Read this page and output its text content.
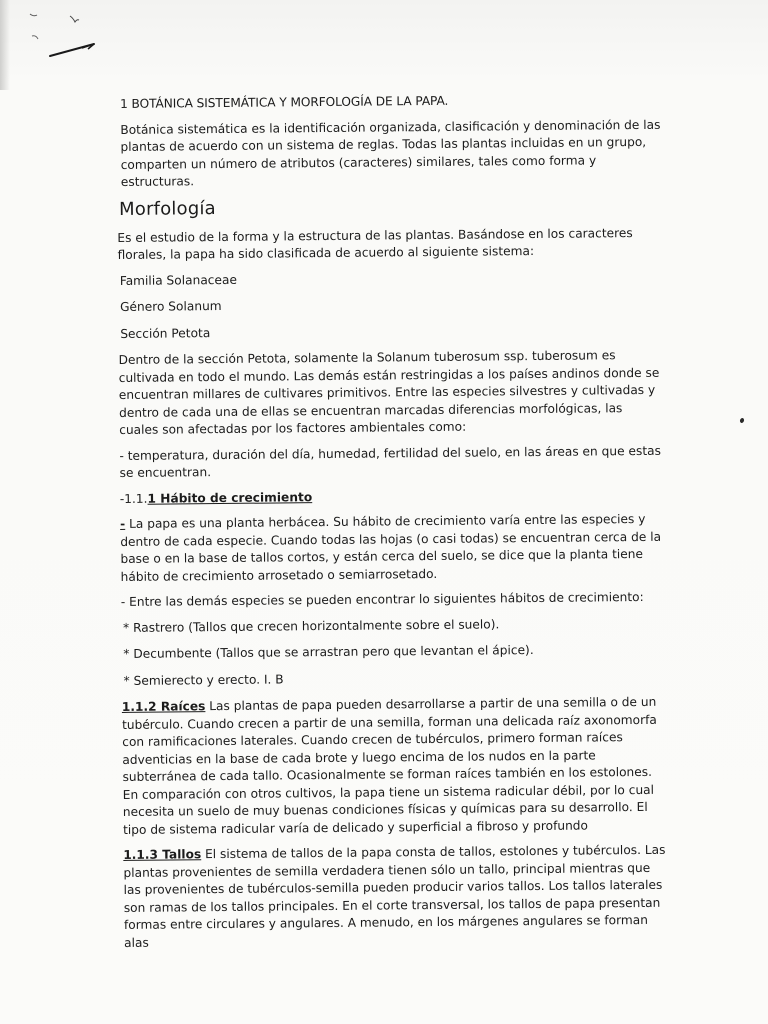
1 BOTÁNICA SISTEMÁTICA Y MORFOLOGÍA DE LA PAPA.

Botánica sistemática es la identificación organizada, clasificación y denominación de las plantas de acuerdo con un sistema de reglas. Todas las plantas incluidas en un grupo, comparten un número de atributos (caracteres) similares, tales como forma y estructuras.

Morfología

Es el estudio de la forma y la estructura de las plantas. Basándose en los caracteres florales, la papa ha sido clasificada de acuerdo al siguiente sistema:

Familia Solanaceae

Género Solanum

Sección Petota

Dentro de la sección Petota, solamente la Solanum tuberosum ssp. tuberosum es cultivada en todo el mundo. Las demás están restringidas a los países andinos donde se encuentran millares de cultivares primitivos. Entre las especies silvestres y cultivadas y dentro de cada una de ellas se encuentran marcadas diferencias morfológicas, las cuales son afectadas por los factores ambientales como:

- temperatura, duración del día, humedad, fertilidad del suelo, en las áreas en que estas se encuentran.

-1.1.1 Hábito de crecimiento

- La papa es una planta herbácea. Su hábito de crecimiento varía entre las especies y dentro de cada especie. Cuando todas las hojas (o casi todas) se encuentran cerca de la base o en la base de tallos cortos, y están cerca del suelo, se dice que la planta tiene hábito de crecimiento arrosetado o semiarrosetado.

- Entre las demás especies se pueden encontrar lo siguientes hábitos de crecimiento:

* Rastrero (Tallos que crecen horizontalmente sobre el suelo).

* Decumbente (Tallos que se arrastran pero que levantan el ápice).

* Semierecto y erecto. I. B

1.1.2 Raíces Las plantas de papa pueden desarrollarse a partir de una semilla o de un tubérculo. Cuando crecen a partir de una semilla, forman una delicada raíz axonomorfa con ramificaciones laterales. Cuando crecen de tubérculos, primero forman raíces adventicias en la base de cada brote y luego encima de los nudos en la parte subterránea de cada tallo. Ocasionalmente se forman raíces también en los estolones. En comparación con otros cultivos, la papa tiene un sistema radicular débil, por lo cual necesita un suelo de muy buenas condiciones físicas y químicas para su desarrollo. El tipo de sistema radicular varía de delicado y superficial a fibroso y profundo

1.1.3 Tallos El sistema de tallos de la papa consta de tallos, estolones y tubérculos. Las plantas provenientes de semilla verdadera tienen sólo un tallo, principal mientras que las provenientes de tubérculos-semilla pueden producir varios tallos. Los tallos laterales son ramas de los tallos principales. En el corte transversal, los tallos de papa presentan formas entre circulares y angulares. A menudo, en los márgenes angulares se forman alas
